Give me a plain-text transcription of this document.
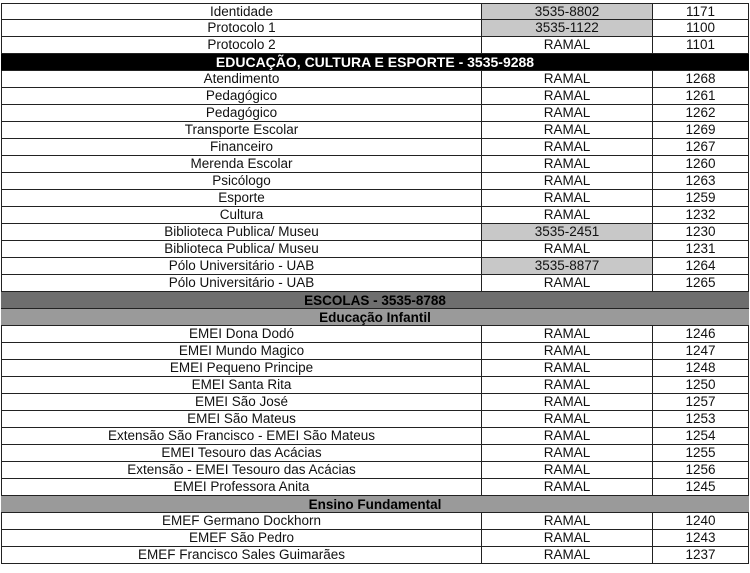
Identidade	3535-8802	1171
Protocolo 1	3535-1122	1100
Protocolo 2	RAMAL	1101
EDUCAÇÃO, CULTURA E ESPORTE - 3535-9288
Atendimento	RAMAL	1268
Pedagógico	RAMAL	1261
Pedagógico	RAMAL	1262
Transporte Escolar	RAMAL	1269
Financeiro	RAMAL	1267
Merenda Escolar	RAMAL	1260
Psicólogo	RAMAL	1263
Esporte	RAMAL	1259
Cultura	RAMAL	1232
Biblioteca Publica/ Museu	3535-2451	1230
Biblioteca Publica/ Museu	RAMAL	1231
Pólo Universitário - UAB	3535-8877	1264
Pólo Universitário - UAB	RAMAL	1265
ESCOLAS - 3535-8788
Educação Infantil
EMEI Dona Dodó	RAMAL	1246
EMEI Mundo Magico	RAMAL	1247
EMEI Pequeno Principe	RAMAL	1248
EMEI Santa Rita	RAMAL	1250
EMEI São José	RAMAL	1257
EMEI São Mateus	RAMAL	1253
Extensão São Francisco - EMEI São Mateus	RAMAL	1254
EMEI Tesouro das Acácias	RAMAL	1255
Extensão - EMEI Tesouro das Acácias	RAMAL	1256
EMEI Professora Anita	RAMAL	1245
Ensino Fundamental
EMEF Germano Dockhorn	RAMAL	1240
EMEF São Pedro	RAMAL	1243
EMEF Francisco Sales Guimarães	RAMAL	1237
